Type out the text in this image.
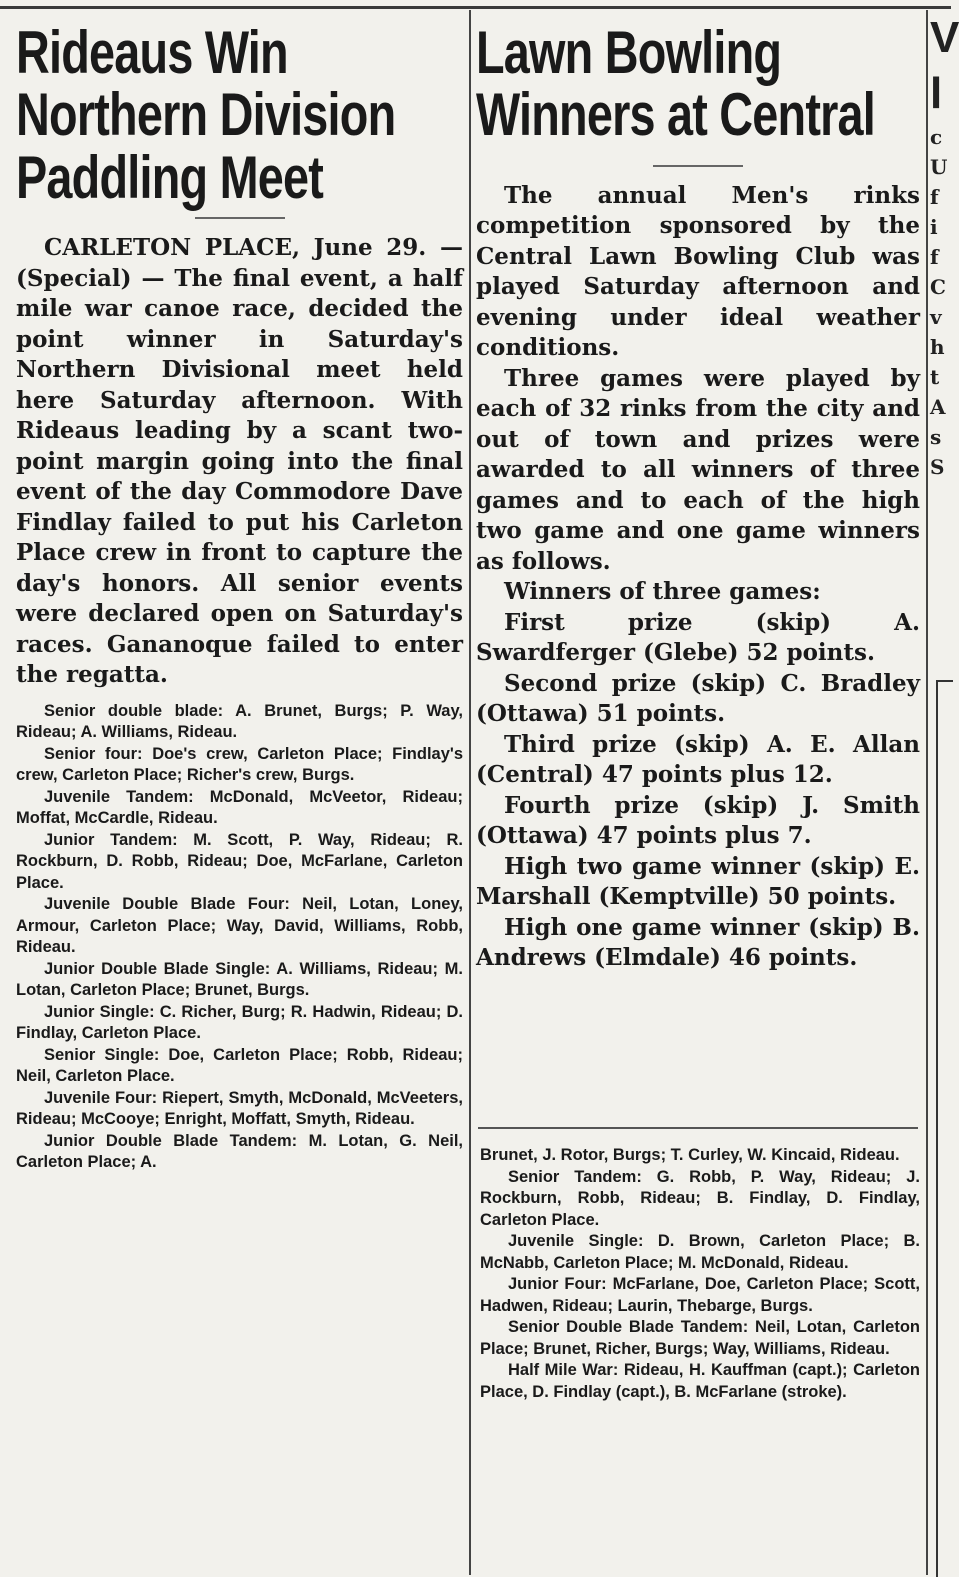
Rideaus Win
Northern Division
Paddling Meet

CARLETON PLACE, June 29. — (Special) — The final event, a half mile war canoe race, decided the point winner in Saturday's Northern Divisional meet held here Saturday afternoon. With Rideaus leading by a scant two-point margin going into the final event of the day Commodore Dave Findlay failed to put his Carleton Place crew in front to capture the day's honors. All senior events were declared open on Saturday's races. Gananoque failed to enter the regatta.

Senior double blade: A. Brunet, Burgs; P. Way, Rideau; A. Williams, Rideau.

Senior four: Doe's crew, Carleton Place; Findlay's crew, Carleton Place; Richer's crew, Burgs.

Juvenile Tandem: McDonald, McVeetor, Rideau; Moffat, McCardle, Rideau.

Junior Tandem: M. Scott, P. Way, Rideau; R. Rockburn, D. Robb, Rideau; Doe, McFarlane, Carleton Place.

Juvenile Double Blade Four: Neil, Lotan, Loney, Armour, Carleton Place; Way, David, Williams, Robb, Rideau.

Junior Double Blade Single: A. Williams, Rideau; M. Lotan, Carleton Place; Brunet, Burgs.

Junior Single: C. Richer, Burg; R. Hadwin, Rideau; D. Findlay, Carleton Place.

Senior Single: Doe, Carleton Place; Robb, Rideau; Neil, Carleton Place.

Juvenile Four: Riepert, Smyth, McDonald, McVeeters, Rideau; McCooye; Enright, Moffatt, Smyth, Rideau.

Junior Double Blade Tandem: M. Lotan, G. Neil, Carleton Place; A.

Lawn Bowling
Winners at Central

The annual Men's rinks competition sponsored by the Central Lawn Bowling Club was played Saturday afternoon and evening under ideal weather conditions.

Three games were played by each of 32 rinks from the city and out of town and prizes were awarded to all winners of three games and to each of the high two game and one game winners as follows.

Winners of three games:

First prize (skip) A. Swardferger (Glebe) 52 points.

Second prize (skip) C. Bradley (Ottawa) 51 points.

Third prize (skip) A. E. Allan (Central) 47 points plus 12.

Fourth prize (skip) J. Smith (Ottawa) 47 points plus 7.

High two game winner (skip) E. Marshall (Kemptville) 50 points.

High one game winner (skip) B. Andrews (Elmdale) 46 points.

Brunet, J. Rotor, Burgs; T. Curley, W. Kincaid, Rideau.

Senior Tandem: G. Robb, P. Way, Rideau; J. Rockburn, Robb, Rideau; B. Findlay, D. Findlay, Carleton Place.

Juvenile Single: D. Brown, Carleton Place; B. McNabb, Carleton Place; M. McDonald, Rideau.

Junior Four: McFarlane, Doe, Carleton Place; Scott, Hadwen, Rideau; Laurin, Thebarge, Burgs.

Senior Double Blade Tandem: Neil, Lotan, Carleton Place; Brunet, Richer, Burgs; Way, Williams, Rideau.

Half Mile War: Rideau, H. Kauffman (capt.); Carleton Place, D. Findlay (capt.), B. McFarlane (stroke).

V
l
c
U
f
i
f
C
v
h
t
A
s
S
